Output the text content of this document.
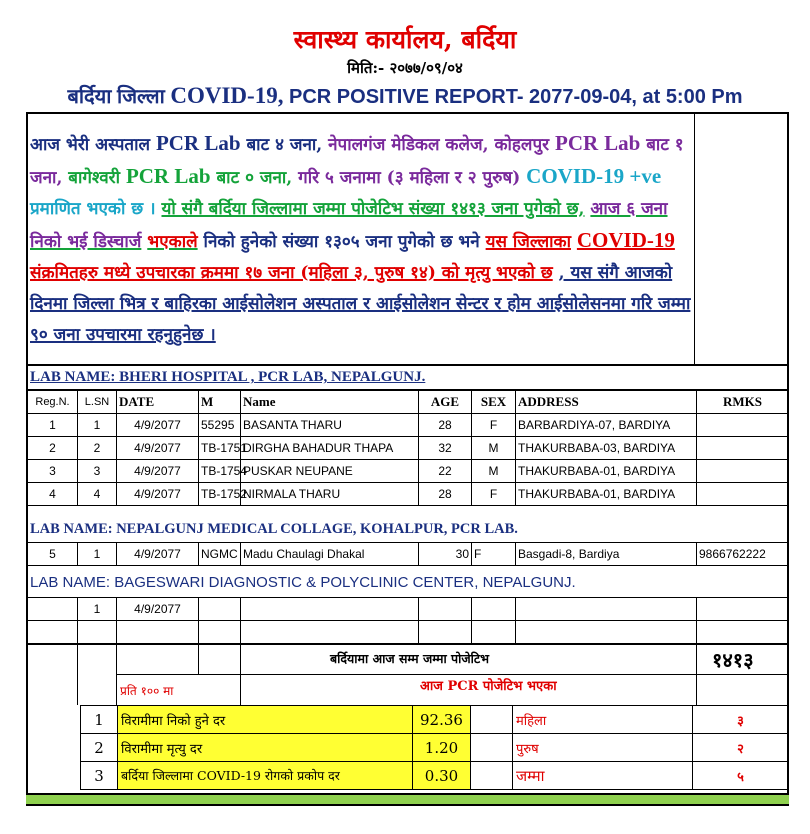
स्वास्थ्य कार्यालय, बर्दिया
मिति:- २०७७/०९/०४
बर्दिया जिल्ला COVID-19, PCR POSITIVE REPORT- 2077-09-04, at 5:00 Pm
आज भेरी अस्पताल PCR Lab बाट ४ जना, नेपालगंज मेडिकल कलेज, कोहलपुर PCR Lab बाट १ जना, बागेश्वरी PCR Lab बाट ० जना, गरि ५ जनामा (३ महिला र २ पुरुष) COVID-19 +ve प्रमाणित भएको छ । यो संगै बर्दिया जिल्लामा जम्मा पोजेटिभ संख्या १४१३ जना पुगेको छ, आज ६ जना निको भई डिस्चार्ज भएकाले निको हुनेको संख्या १३०५ जना पुगेको छ भने यस जिल्लाका COVID-19 संक्रमितहरु मध्ये उपचारका क्रममा १७ जना (महिला ३, पुरुष १४) को मृत्यु भएको छ , यस संगै आजको दिनमा जिल्ला भित्र र बाहिरका आईसोलेशन अस्पताल र आईसोलेशन सेन्टर र होम आईसोलेसनमा गरि जम्मा ९० जना उपचारमा रहनुहुनेछ ।
LAB NAME: BHERI HOSPITAL , PCR LAB, NEPALGUNJ.
Reg.N.	L.SN	DATE	M	Name	AGE	SEX	ADDRESS	RMKS
1	1	4/9/2077	55295	BASANTA THARU	28	F	BARBARDIYA-07, BARDIYA	
2	2	4/9/2077	TB-1751	DIRGHA BAHADUR THAPA	32	M	THAKURBABA-03, BARDIYA	
3	3	4/9/2077	TB-1754	PUSKAR NEUPANE	22	M	THAKURBABA-01, BARDIYA	
4	4	4/9/2077	TB-1752	NIRMALA THARU	28	F	THAKURBABA-01, BARDIYA	
LAB NAME: NEPALGUNJ MEDICAL COLLAGE, KOHALPUR, PCR LAB.
5	1	4/9/2077	NGMC	Madu Chaulagi Dhakal	30	F	Basgadi-8, Bardiya	9866762222
LAB NAME: BAGESWARI DIAGNOSTIC & POLYCLINIC CENTER, NEPALGUNJ.
	1	4/9/2077						

बर्दियामा आज सम्म जम्मा पोजेटिभ	१४१३
प्रति १०० मा	आज PCR पोजेटिभ भएका
1	विरामीमा निको हुने दर	92.36		महिला	३
2	विरामीमा मृत्यु दर	1.20		पुरुष	२
3	बर्दिया जिल्लामा COVID-19 रोगको प्रकोप दर	0.30		जम्मा	५
